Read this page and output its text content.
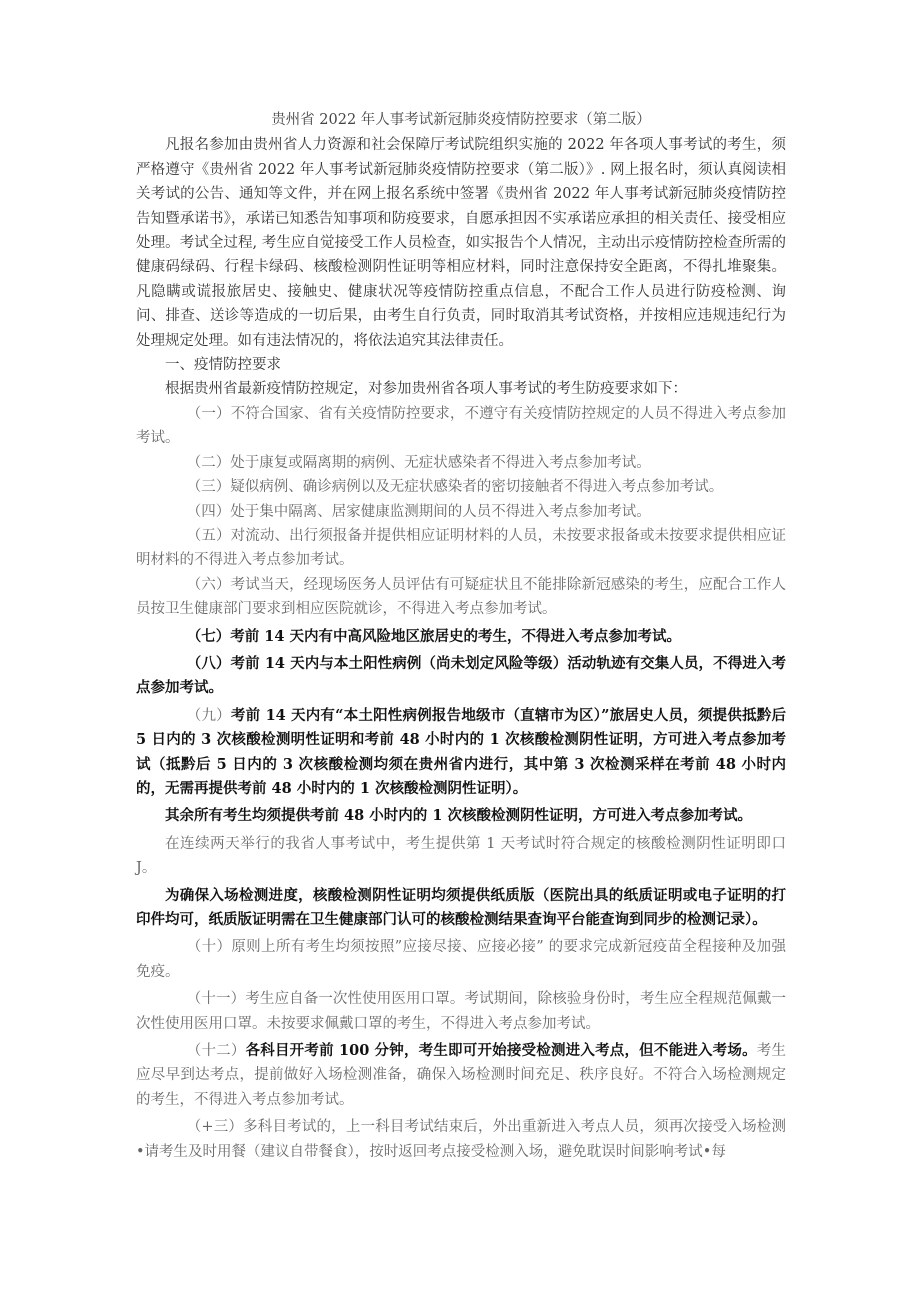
贵州省 2022 年人事考试新冠肺炎疫情防控要求（第二版）

凡报名参加由贵州省人力资源和社会保障厅考试院组织实施的 2022 年各项人事考试的考生，须严格遵守《贵州省 2022 年人事考试新冠肺炎疫情防控要求（第二版）》. 网上报名时，须认真阅读相关考试的公告、通知等文件，并在网上报名系统中签署《贵州省 2022 年人事考试新冠肺炎疫情防控告知暨承诺书》，承诺已知悉告知事项和防疫要求，自愿承担因不实承诺应承担的相关责任、接受相应处理。考试全过程, 考生应自觉接受工作人员检查，如实报告个人情况，主动出示疫情防控检查所需的健康码绿码、行程卡绿码、核酸检测阴性证明等相应材料，同时注意保持安全距离，不得扎堆聚集。凡隐瞒或谎报旅居史、接触史、健康状况等疫情防控重点信息，不配合工作人员进行防疫检测、询问、排查、送诊等造成的一切后果，由考生自行负责，同时取消其考试资格，并按相应违规违纪行为处理规定处理。如有违法情况的，将依法追究其法律责任。

一、疫情防控要求

根据贵州省最新疫情防控规定，对参加贵州省各项人事考试的考生防疫要求如下：

（一）不符合国家、省有关疫情防控要求，不遵守有关疫情防控规定的人员不得进入考点参加考试。

（二）处于康复或隔离期的病例、无症状感染者不得进入考点参加考试。

（三）疑似病例、确诊病例以及无症状感染者的密切接触者不得进入考点参加考试。

（四）处于集中隔离、居家健康监测期间的人员不得进入考点参加考试。

（五）对流动、出行须报备并提供相应证明材料的人员，未按要求报备或未按要求提供相应证明材料的不得进入考点参加考试。

（六）考试当天，经现场医务人员评估有可疑症状且不能排除新冠感染的考生，应配合工作人员按卫生健康部门要求到相应医院就诊，不得进入考点参加考试。

（七）考前 14 天内有中高风险地区旅居史的考生，不得进入考点参加考试。

（八）考前 14 天内与本土阳性病例（尚未划定风险等级）活动轨迹有交集人员，不得进入考点参加考试。

（九）考前 14 天内有“本土阳性病例报告地级市（直辖市为区）”旅居史人员，须提供抵黔后 5 日内的 3 次核酸检测明性证明和考前 48 小时内的 1 次核酸检测阴性证明，方可进入考点参加考试（抵黔后 5 日内的 3 次核酸检测均须在贵州省内进行，其中第 3 次检测采样在考前 48 小时内的，无需再提供考前 48 小时内的 1 次核酸检测阴性证明）。

其余所有考生均须提供考前 48 小时内的 1 次核酸检测阴性证明，方可进入考点参加考试。

在连续两天举行的我省人事考试中，考生提供第 1 天考试时符合规定的核酸检测阴性证明即口 J。

为确保入场检测进度，核酸检测阴性证明均须提供纸质版（医院出具的纸质证明或电子证明的打印件均可，纸质版证明需在卫生健康部门认可的核酸检测结果查询平台能查询到同步的检测记录）。

（十）原则上所有考生均须按照”应接尽接、应接必接” 的要求完成新冠疫苗全程接种及加强免疫。

（十一）考生应自备一次性使用医用口罩。考试期间，除核验身份时，考生应全程规范佩戴一次性使用医用口罩。未按要求佩戴口罩的考生，不得进入考点参加考试。

（十二）各科目开考前 100 分钟，考生即可开始接受检测进入考点，但不能进入考场。考生应尽早到达考点，提前做好入场检测准备，确保入场检测时间充足、秩序良好。不符合入场检测规定的考生，不得进入考点参加考试。

（+三）多科目考试的，上一科目考试结束后，外出重新进入考点人员，须再次接受入场检测•请考生及时用餐（建议自带餐食），按时返回考点接受检测入场，避免耽误时间影响考试•每
